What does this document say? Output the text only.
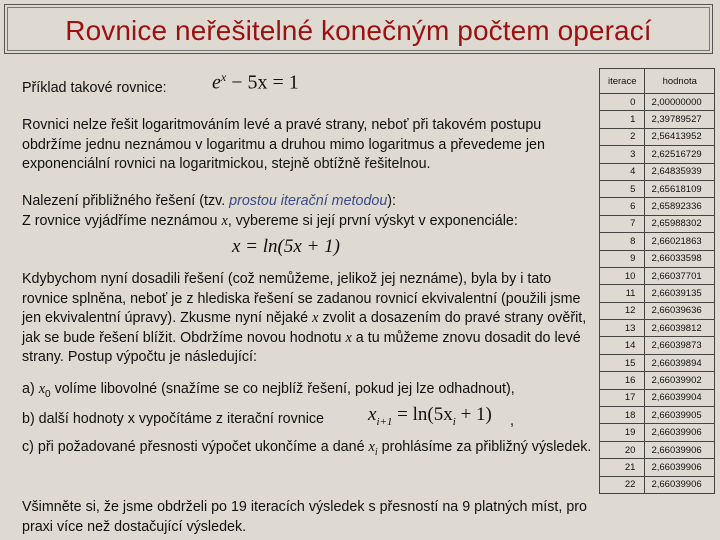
Rovnice neřešitelné konečným počtem operací
Příklad takové rovnice: $e^x - 5x = 1$
Rovnici nelze řešit logaritmováním levé a pravé strany, neboť při takovém postupu obdržíme jednu neznámou v logaritmu a druhou mimo logaritmus a převedeme jen exponenciální rovnici na logaritmickou, stejně obtížně řešitelnou.
Nalezení přibližného řešení (tzv. prostou iterační metodou):
Z rovnice vyjádříme neznámou x, vybereme si její první výskyt v exponenciále:
x = ln(5x + 1)
Kdybychom nyní dosadili řešení (což nemůžeme, jelikož jej neznáme), byla by i tato rovnice splněna, neboť je z hlediska řešení se zadanou rovnicí ekvivalentní (použili jsme jen ekvivalentní úpravy). Zkusme nyní nějaké x zvolit a dosazením do pravé strany ověřit, jak se bude řešení blížit. Obdržíme novou hodnotu x a tu můžeme znovu dosadit do levé strany. Postup výpočtu je následující:
a) $x_0$ volíme libovolné (snažíme se co nejblíž řešení, pokud jej lze odhadnout),
b) další hodnoty x vypočítáme z iterační rovnice	$x_{i+1} = \ln(5x_i + 1)$ ,
c) při požadované přesnosti výpočet ukončíme a dané $x_i$ prohlásíme za přibližný výsledek.
Všimněte si, že jsme obdrželi po 19 iteracích výsledek s přesností na 9 platných míst, pro praxi více než dostačující výsledek.
iterace	hodnota
0	2,00000000
1	2,39789527
2	2,56413952
3	2,62516729
4	2,64835939
5	2,65618109
6	2,65892336
7	2,65988302
8	2,66021863
9	2,66033598
10	2,66037701
11	2,66039135
12	2,66039636
13	2,66039812
14	2,66039873
15	2,66039894
16	2,66039902
17	2,66039904
18	2,66039905
19	2,66039906
20	2,66039906
21	2,66039906
22	2,66039906
